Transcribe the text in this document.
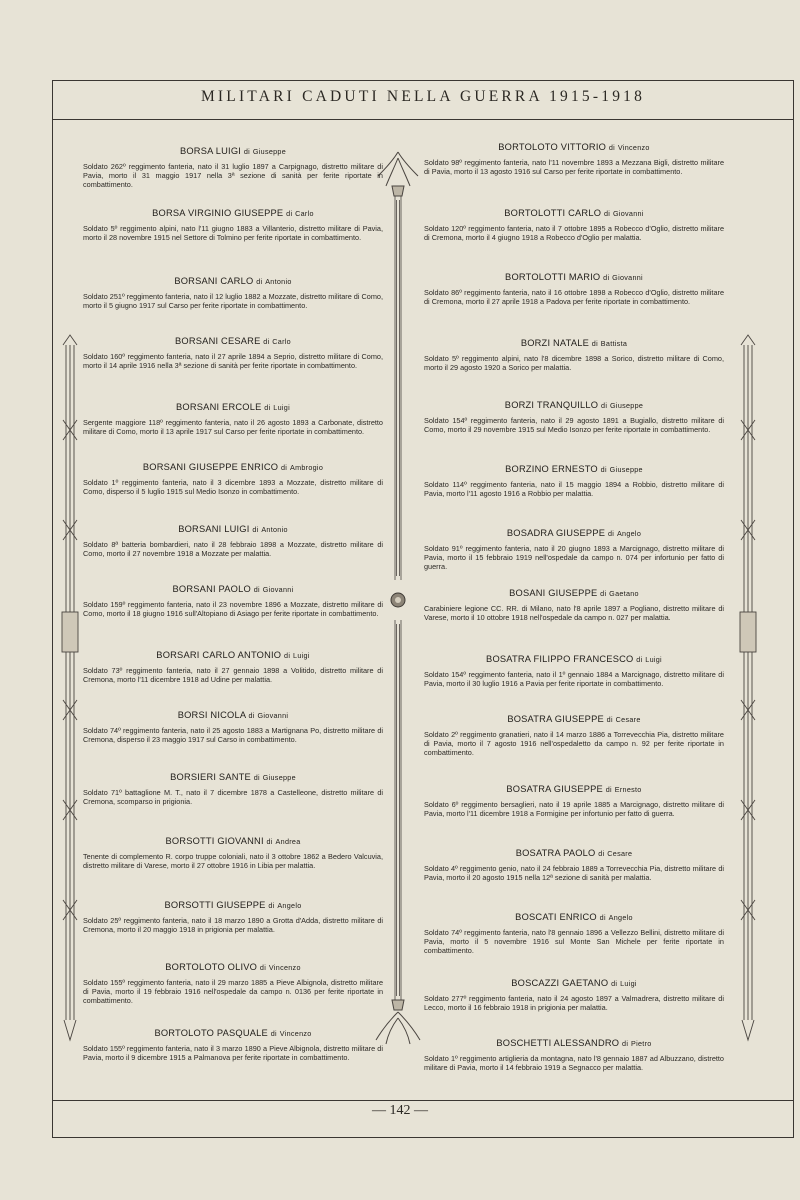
MILITARI CADUTI NELLA GUERRA 1915-1918
BORSA LUIGI di Giuseppe
Soldato 262º reggimento fanteria, nato il 31 luglio 1897 a Carpignago, distretto militare di Pavia, morto il 31 maggio 1917 nella 3ª sezione di sanità per ferite riportate in combattimento.
BORSA VIRGINIO GIUSEPPE di Carlo
Soldato 5º reggimento alpini, nato l'11 giugno 1883 a Villanterio, distretto militare di Pavia, morto il 28 novembre 1915 nel Settore di Tolmino per ferite riportate in combattimento.
BORSANI CARLO di Antonio
Soldato 251º reggimento fanteria, nato il 12 luglio 1882 a Mozzate, distretto militare di Como, morto il 5 giugno 1917 sul Carso per ferite riportate in combattimento.
BORSANI CESARE di Carlo
Soldato 160º reggimento fanteria, nato il 27 aprile 1894 a Seprio, distretto militare di Como, morto il 14 aprile 1916 nella 3ª sezione di sanità per ferite riportate in combattimento.
BORSANI ERCOLE di Luigi
Sergente maggiore 118º reggimento fanteria, nato il 26 agosto 1893 a Carbonate, distretto militare di Como, morto il 13 aprile 1917 sul Carso per ferite riportate in combattimento.
BORSANI GIUSEPPE ENRICO di Ambrogio
Soldato 1º reggimento fanteria, nato il 3 dicembre 1893 a Mozzate, distretto militare di Como, disperso il 5 luglio 1915 sul Medio Isonzo in combattimento.
BORSANI LUIGI di Antonio
Soldato 8ª batteria bombardieri, nato il 28 febbraio 1898 a Mozzate, distretto militare di Como, morto il 27 novembre 1918 a Mozzate per malattia.
BORSANI PAOLO di Giovanni
Soldato 159º reggimento fanteria, nato il 23 novembre 1896 a Mozzate, distretto militare di Como, morto il 18 giugno 1916 sull'Altopiano di Asiago per ferite riportate in combattimento.
BORSARI CARLO ANTONIO di Luigi
Soldato 73º reggimento fanteria, nato il 27 gennaio 1898 a Volitido, distretto militare di Cremona, morto l'11 dicembre 1918 ad Udine per malattia.
BORSI NICOLA di Giovanni
Soldato 74º reggimento fanteria, nato il 25 agosto 1883 a Martignana Po, distretto militare di Cremona, disperso il 23 maggio 1917 sul Carso in combattimento.
BORSIERI SANTE di Giuseppe
Soldato 71º battaglione M. T., nato il 7 dicembre 1878 a Castelleone, distretto militare di Cremona, scomparso in prigionia.
BORSOTTI GIOVANNI di Andrea
Tenente di complemento R. corpo truppe coloniali, nato il 3 ottobre 1862 a Bedero Valcuvia, distretto militare di Varese, morto il 27 ottobre 1916 in Libia per malattia.
BORSOTTI GIUSEPPE di Angelo
Soldato 25º reggimento fanteria, nato il 18 marzo 1890 a Grotta d'Adda, distretto militare di Cremona, morto il 20 maggio 1918 in prigionia per malattia.
BORTOLOTO OLIVO di Vincenzo
Soldato 155º reggimento fanteria, nato il 29 marzo 1885 a Pieve Albignola, distretto militare di Pavia, morto il 19 febbraio 1916 nell'ospedale da campo n. 0136 per ferite riportate in combattimento.
BORTOLOTO PASQUALE di Vincenzo
Soldato 155º reggimento fanteria, nato il 3 marzo 1890 a Pieve Albignola, distretto militare di Pavia, morto il 9 dicembre 1915 a Palmanova per ferite riportate in combattimento.
BORTOLOTO VITTORIO di Vincenzo
Soldato 98º reggimento fanteria, nato l'11 novembre 1893 a Mezzana Bigli, distretto militare di Pavia, morto il 13 agosto 1916 sul Carso per ferite riportate in combattimento.
BORTOLOTTI CARLO di Giovanni
Soldato 120º reggimento fanteria, nato il 7 ottobre 1895 a Robecco d'Oglio, distretto militare di Cremona, morto il 4 giugno 1918 a Robecco d'Oglio per malattia.
BORTOLOTTI MARIO di Giovanni
Soldato 86º reggimento fanteria, nato il 16 ottobre 1898 a Robecco d'Oglio, distretto militare di Cremona, morto il 27 aprile 1918 a Padova per ferite riportate in combattimento.
BORZI NATALE di Battista
Soldato 5º reggimento alpini, nato l'8 dicembre 1898 a Sorico, distretto militare di Como, morto il 29 agosto 1920 a Sorico per malattia.
BORZI TRANQUILLO di Giuseppe
Soldato 154º reggimento fanteria, nato il 29 agosto 1891 a Bugiallo, distretto militare di Como, morto il 29 novembre 1915 sul Medio Isonzo per ferite riportate in combattimento.
BORZINO ERNESTO di Giuseppe
Soldato 114º reggimento fanteria, nato il 15 maggio 1894 a Robbio, distretto militare di Pavia, morto l'11 agosto 1916 a Robbio per malattia.
BOSADRA GIUSEPPE di Angelo
Soldato 91º reggimento fanteria, nato il 20 giugno 1893 a Marcignago, distretto militare di Pavia, morto il 15 febbraio 1919 nell'ospedale da campo n. 074 per infortunio per fatto di guerra.
BOSANI GIUSEPPE di Gaetano
Carabiniere legione CC. RR. di Milano, nato l'8 aprile 1897 a Pogliano, distretto militare di Varese, morto il 10 ottobre 1918 nell'ospedale da campo n. 027 per malattia.
BOSATRA FILIPPO FRANCESCO di Luigi
Soldato 154º reggimento fanteria, nato il 1º gennaio 1884 a Marcignago, distretto militare di Pavia, morto il 30 luglio 1916 a Pavia per ferite riportate in combattimento.
BOSATRA GIUSEPPE di Cesare
Soldato 2º reggimento granatieri, nato il 14 marzo 1886 a Torrevecchia Pia, distretto militare di Pavia, morto il 7 agosto 1916 nell'ospedaletto da campo n. 92 per ferite riportate in combattimento.
BOSATRA GIUSEPPE di Ernesto
Soldato 6º reggimento bersaglieri, nato il 19 aprile 1885 a Marcignago, distretto militare di Pavia, morto l'11 dicembre 1918 a Formigine per infortunio per fatto di guerra.
BOSATRA PAOLO di Cesare
Soldato 4º reggimento genio, nato il 24 febbraio 1889 a Torrevecchia Pia, distretto militare di Pavia, morto il 20 agosto 1915 nella 12ª sezione di sanità per malattia.
BOSCATI ENRICO di Angelo
Soldato 74º reggimento fanteria, nato l'8 gennaio 1896 a Vellezzo Bellini, distretto militare di Pavia, morto il 5 novembre 1916 sul Monte San Michele per ferite riportate in combattimento.
BOSCAZZI GAETANO di Luigi
Soldato 277º reggimento fanteria, nato il 24 agosto 1897 a Valmadrera, distretto militare di Lecco, morto il 16 febbraio 1918 in prigionia per malattia.
BOSCHETTI ALESSANDRO di Pietro
Soldato 1º reggimento artiglieria da montagna, nato l'8 gennaio 1887 ad Albuzzano, distretto militare di Pavia, morto il 14 febbraio 1919 a Segnacco per malattia.
— 142 —
